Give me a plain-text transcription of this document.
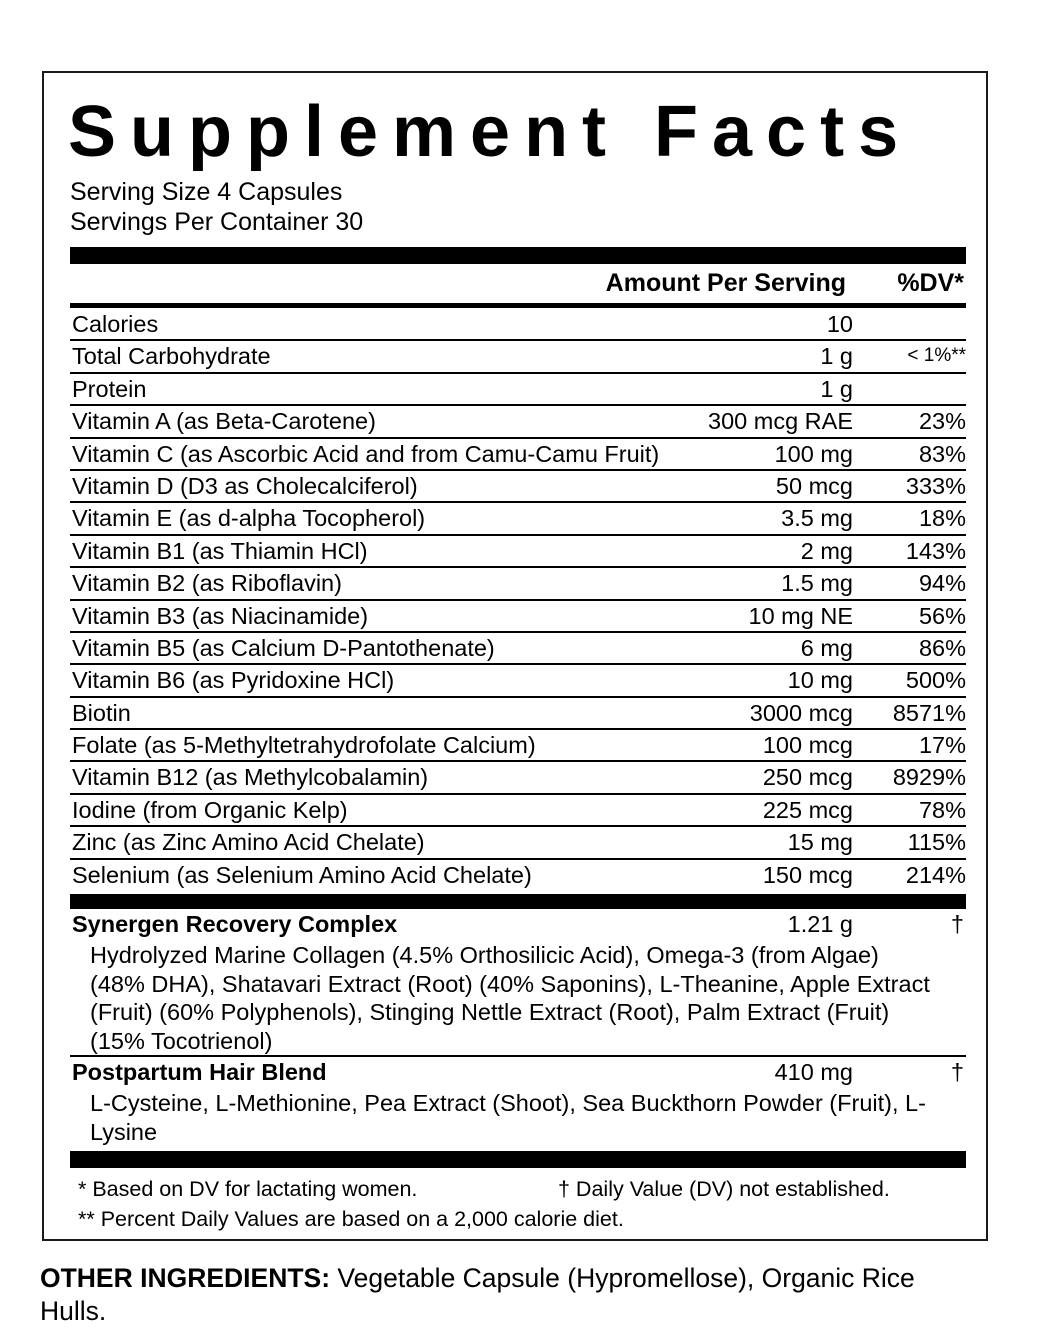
Supplement Facts
Serving Size 4 Capsules
Servings Per Container 30
Amount Per Serving %DV*
Calories	10
Total Carbohydrate	1 g	< 1%**
Protein	1 g
Vitamin A (as Beta-Carotene)	300 mcg RAE	23%
Vitamin C (as Ascorbic Acid and from Camu-Camu Fruit)	100 mg	83%
Vitamin D (D3 as Cholecalciferol)	50 mcg 333%
Vitamin E (as d-alpha Tocopherol)	3.5 mg	18%
Vitamin B1 (as Thiamin HCl)	2 mg 143%
Vitamin B2 (as Riboflavin)	1.5 mg	94%
Vitamin B3 (as Niacinamide)	10 mg NE	56%
Vitamin B5 (as Calcium D-Pantothenate)	6 mg	86%
Vitamin B6 (as Pyridoxine HCl)	10 mg 500%
Biotin	3000 mcg 8571%
Folate (as 5-Methyltetrahydrofolate Calcium)	100 mcg	17%
Vitamin B12 (as Methylcobalamin)	250 mcg 8929%
Iodine (from Organic Kelp)	225 mcg	78%
Zinc (as Zinc Amino Acid Chelate)	15 mg 115%
Selenium (as Selenium Amino Acid Chelate)	150 mcg 214%
Synergen Recovery Complex	1.21 g	†
Hydrolyzed Marine Collagen (4.5% Orthosilicic Acid), Omega-3 (from Algae) (48% DHA), Shatavari Extract (Root) (40% Saponins), L-Theanine, Apple Extract (Fruit) (60% Polyphenols), Stinging Nettle Extract (Root), Palm Extract (Fruit) (15% Tocotrienol)
Postpartum Hair Blend	410 mg	†
L-Cysteine, L-Methionine, Pea Extract (Shoot), Sea Buckthorn Powder (Fruit), L-Lysine
* Based on DV for lactating women.	† Daily Value (DV) not established.
** Percent Daily Values are based on a 2,000 calorie diet.
OTHER INGREDIENTS: Vegetable Capsule (Hypromellose), Organic Rice Hulls.
